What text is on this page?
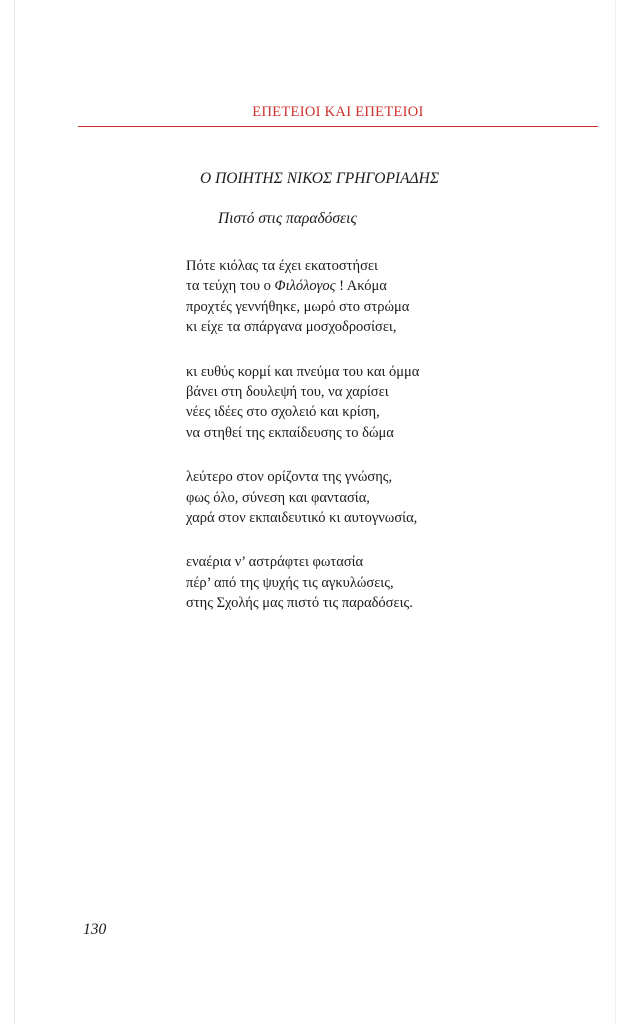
ΕΠΕΤΕΙΟΙ ΚΑΙ ΕΠΕΤΕΙΟΙ
Ο ΠΟΙΗΤΗΣ ΝΙΚΟΣ ΓΡΗΓΟΡΙΑΔΗΣ
Πιστό στις παραδόσεις
Πότε κιόλας τα έχει εκατοστήσει
τα τεύχη του ο Φιλόλογος ! Ακόμα
προχτές γεννήθηκε, μωρό στο στρώμα
κι είχε τα σπάργανα μοσχοδροσίσει,
κι ευθύς κορμί και πνεύμα του και όμμα
βάνει στη δουλεψή του, να χαρίσει
νέες ιδέες στο σχολειό και κρίση,
να στηθεί της εκπαίδευσης το δώμα
λεύτερο στον ορίζοντα της γνώσης,
φως όλο, σύνεση και φαντασία,
χαρά στον εκπαιδευτικό κι αυτογνωσία,
εναέρια ν’ αστράφτει φωτασία
πέρ’ από της ψυχής τις αγκυλώσεις,
στης Σχολής μας πιστό τις παραδόσεις.
130
